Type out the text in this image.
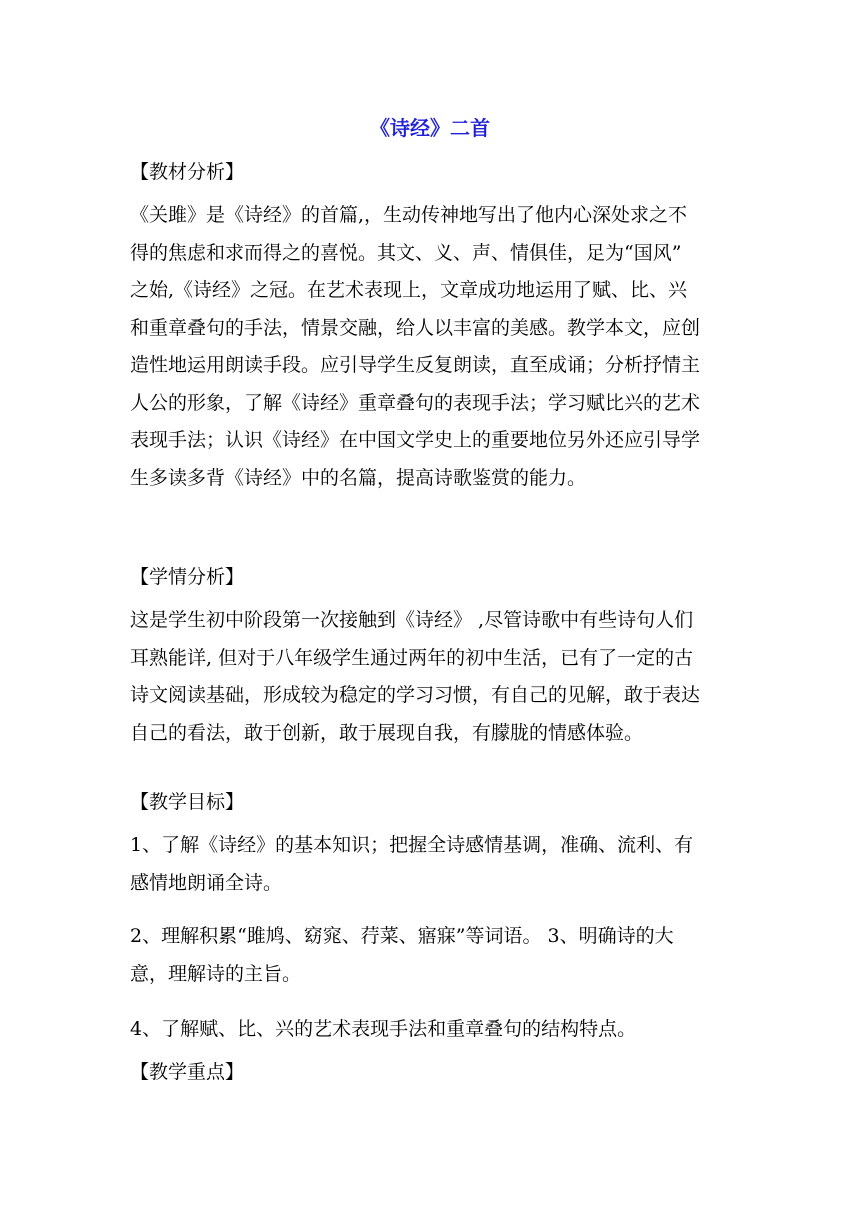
《诗经》二首
【教材分析】
《关雎》是《诗经》的首篇,，生动传神地写出了他内心深处求之不
得的焦虑和求而得之的喜悦。其文、义、声、情俱佳，足为“国风”
之始,《诗经》之冠。在艺术表现上，文章成功地运用了赋、比、兴
和重章叠句的手法，情景交融，给人以丰富的美感。教学本文，应创
造性地运用朗读手段。应引导学生反复朗读，直至成诵；分析抒情主
人公的形象，了解《诗经》重章叠句的表现手法；学习赋比兴的艺术
表现手法；认识《诗经》在中国文学史上的重要地位另外还应引导学
生多读多背《诗经》中的名篇，提高诗歌鉴赏的能力。
【学情分析】
这是学生初中阶段第一次接触到《诗经》 ,尽管诗歌中有些诗句人们
耳熟能详, 但对于八年级学生通过两年的初中生活，已有了一定的古
诗文阅读基础，形成较为稳定的学习习惯，有自己的见解，敢于表达
自己的看法，敢于创新，敢于展现自我，有朦胧的情感体验。
【教学目标】
1、了解《诗经》的基本知识；把握全诗感情基调，准确、流利、有
感情地朗诵全诗。
2、理解积累“雎鸠、窈窕、荇菜、寤寐”等词语。 3、明确诗的大
意，理解诗的主旨。
4、了解赋、比、兴的艺术表现手法和重章叠句的结构特点。
【教学重点】
